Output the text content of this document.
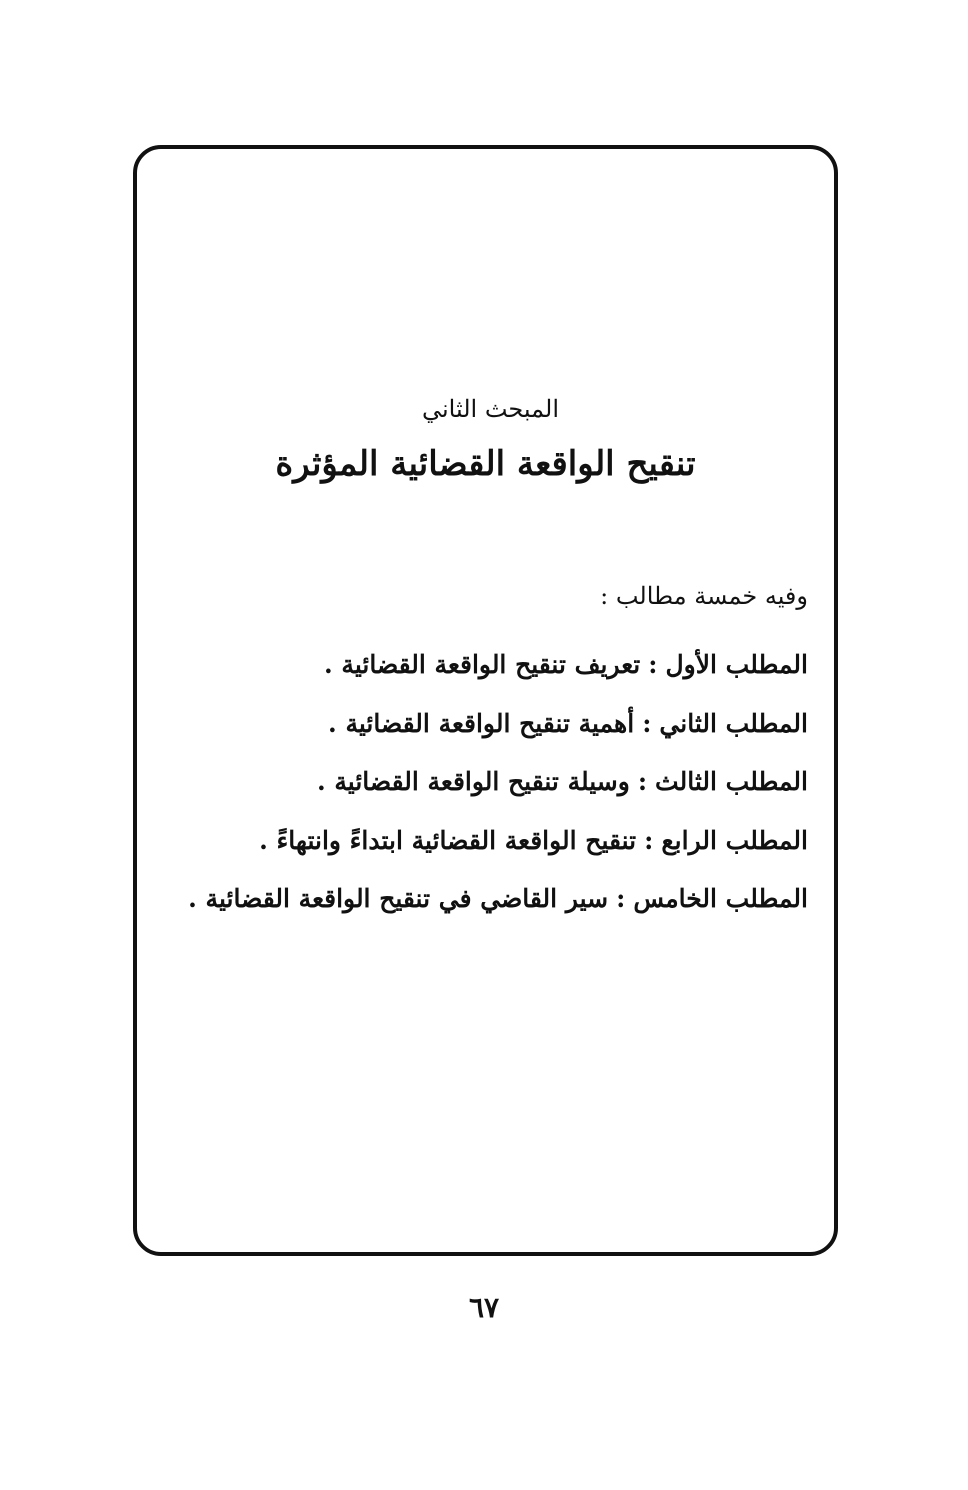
المبحث الثاني
تنقيح الواقعة القضائية المؤثرة
وفيه خمسة مطالب :
المطلب الأول:تعريف تنقيح الواقعة القضائية .
المطلب الثاني:أهمية تنقيح الواقعة القضائية .
المطلب الثالث:وسيلة تنقيح الواقعة القضائية .
المطلب الرابع:تنقيح الواقعة القضائية ابتداءً وانتهاءً .
المطلب الخامس:سير القاضي في تنقيح الواقعة القضائية .
٦٧
